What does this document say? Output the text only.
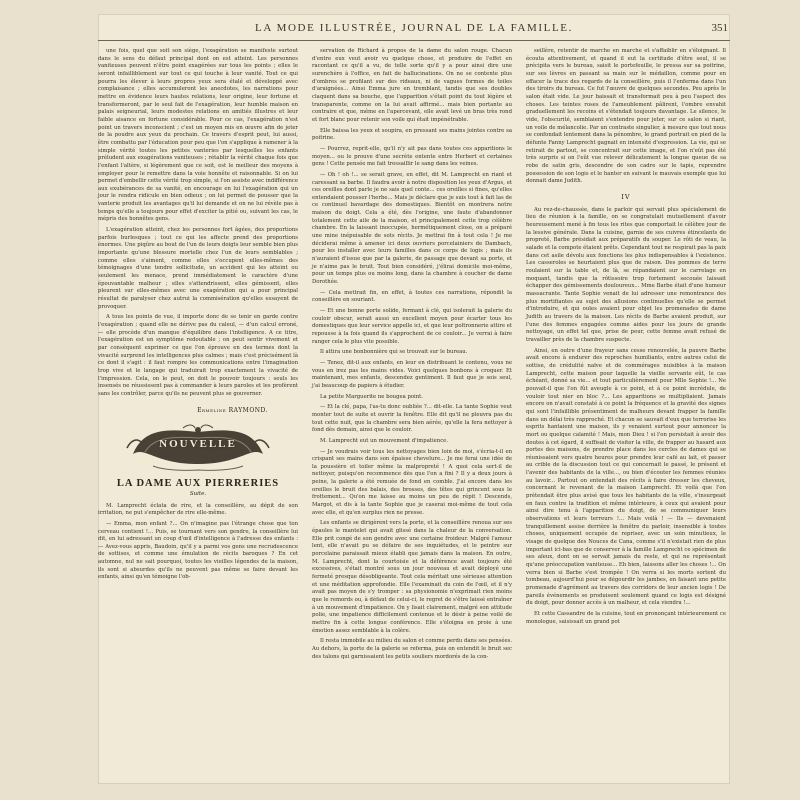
LA MODE ILLUSTRÉE, JOURNAL DE LA FAMILLE.	351

une fois, quel que soit son siège, l'exagération se manifeste surtout dans le sens du défaut principal dont on est atteint. Les personnes vaniteuses peuvent n'être point exagérées sur tous les points ; elles le seront infailliblement sur tout ce qui touche à leur vanité. Tout ce qui pourra les élever à leurs propres yeux sera étalé et développé avec complaisance ; elles accumuleront les anecdotes, les narrations pour mettre en évidence leurs hautes relations, leur origine, leur fortune et transformeront, par le seul fait de l'exagération, leur humble maison en palais seigneurial, leurs modestes relations en amitiés illustres et leur faible aisance en fortune considérable. Pour ce cas, l'exagération n'est point un travers inconscient ; c'est un moyen mis en œuvre afin de jeter de la poudre aux yeux du prochain. Ce travers d'esprit peut, lui aussi, être combattu par l'éducation pour peu que l'on s'applique à ramener à la simple vérité toutes les petites vanteries par lesquelles les enfants préludent aux exagérations vaniteuses ; rétablir la vérité chaque fois que l'enfant l'altère, si légèrement que ce soit, est le meilleur des moyens à employer pour le remettre dans la voie honnête et raisonnable. Si on lui permet d'embellir cette vérité trop simple, si l'on assiste avec indifférence aux exubérances de sa vanité, en encourage en lui l'exagération qui un jour le rendra ridicule en bien odieux ; on lui permet de pousser que la vanterie produit les avantages qu'il lui demande et on ne lui révèle pas à temps qu'elle a toujours pour effet d'exciter la pitié ou, suivant les cas, le mépris des honnêtes gens.

L'exagération atteint, chez les personnes fort âgées, des proportions parfois burlesques ; tout ce qui les affecte prend des proportions énormes. Une piqûre au bout de l'un de leurs doigts leur semble bien plus importante qu'une blessure mortelle chez l'un de leurs semblables ; comme elles s'aiment, comme elles s'occupent elles-mêmes des témoignages d'une tendre sollicitude, un accident qui les atteint ou seulement les menace, prend immédiatement le caractère d'une épouvantable malheur ; elles s'attendrissent, elles gémissent, elles pleurent sur elles-mêmes avec une exagération qui a pour principal résultat de paralyser chez autrui la commisération qu'elles essayent de provoquer.

A tous les points de vue, il importe donc de se tenir en garde contre l'exagération ; quand elle ne dérive pas du caleul, — d'un calcul erroné, — elle procède d'un manque d'équilibre dans l'intelligence. A ce titre, l'exagération est un symptôme redoutable ; on peut sentir vivement et par conséquent exprimer ce que l'on éprouve en des termes dont la vivacité surprend les intelligences plus calmes ; mais c'est précisément là ce dont il s'agit : il faut rompre les communications entre l'imagination trop vive et le langage qui traduirait trop exactement la vivacité de l'impression. Cela, on le peut, on doit le pouvoir toujours : seuls les insensés ne réussissent pas à commander à leurs paroles et les profèrent sans les contrôler, parce qu'ils ne peuvent plus se gouverner.

Ermeline RAYMOND.
NOUVELLE
LA DAME AUX PIERRERIES
Suite.

M. Lamprecht éclata de rire, et la conseillère, au dépit de son irritation, ne put s'empêcher de rire elle-même.

— Emma, mon enfant ?... On n'imagine pas l'étrange chose que ton cerveau contient !... Puis, se tournant vers son gendre, la conseillère lui dit, en lui adressant un coup d'œil d'intelligence à l'adresse des enfants : — Avez-vous appris, Baudoin, qu'il y a parmi vos gens une recrudescence de sottises, et comme une émulation de récits baroques ? En cet automne, nul ne sait pourquoi, toutes les vieilles légendes de la maison, ils sont si absurdes qu'ils ne peuvent pas même se faire devant les enfants, ainsi qu'en témoigne l'ob-

servation de Richard à propos de la dame du salon rouge. Chacun d'entre eux veut avoir vu quelque chose, et produire de l'effet en racontant ce qu'il a vu, de telle sorte qu'il y a pour ainsi dire une surenchère à l'office, en fait de hallucinations. On ne se contente plus d'ombres se profilant sur des rideaux, ni de vagues formes de toiles d'araignées... Ainsi Emma jure en tremblant, tandis que ses doubles claquent dans sa bouche, que l'apparition s'était point du tout légère et transparente, comme on la lui avait affirmé... mais bien portante au contraire et que, même en l'apercevant, elle avait levé un bras très rond et fort blanc pour retenir son voile qui était impénétrable.

Elle baissa les yeux et soupira, en pressant ses mains jointes contre sa poitrine.

— Pourrez, reprit-elle, qu'il n'y ait pas dans toutes ces apparitions le moyen... ou le prouve d'une secrète entente entre Herbert et certaines gens ! Cette pensée me fait tressaillir le sang dans les veines.

— Oh ! oh !... se serait grave, en effet, dit M. Lamprecht en riant et caressant sa barbe. Il faudra avoir à notre disposition les yeux d'Argus, et ces oreilles dont parle je ne sais quel conte... ces oreilles si fines, qu'elles entendaient pousser l'herbe... Mais je déclare que je suis tout à fait las de ce continuel bavardage des domestiques. Bientôt on montrera notre maison du doigt. Cela a été, dès l'origine, une faute d'abandonner totalement cette aile de la maison, et principalement cette trop célèbre chambre. En la laissant inoccupée, hermétiquement close, on a préparé une mine inépuisable de sots récits. Je mettrai fin à tout cela ! Je me déciderai même à amener ici deux ouvriers porcelainiers de Dambach, pour les installer avec leurs familles dans ce corps de logis ; mais ils n'auraient d'issue que par la galerie, de passage que devant sa porte, et je n'aime pas le bruit. Tout bien considéré, j'élirai domicile moi-même, pour un temps plus ou moins long, dans la chambre à coucher de dame Dorothée.

— Cela mettrait fin, en effet, à toutes ces narrations, répondit la conseillère en souriant.

— Et une bonne porte solide, fermant à clé, qui isolerait la galerie du couloir obscur, serait aussi un excellent moyen pour écarter tous les domestiques que leur service appelle ici, et que leur poltronnerie attire et repousse à la fois quand ils s'approchent de ce couloir... Je verrai à faire ranger cela le plus vite possible.

Il attira une bonbonnière qui se trouvait sur le bureau.

— Tenez, dit-il aux enfants, en leur en distribuant le contenu, vous ne vous en irez pas les mains vides. Voici quelques bonbons à croquer. Et maintenant, mes enfants, descendez gentiment. Il faut que je sois seul, j'ai beaucoup de papiers à étudier.

La petite Marguerite ne bougea point.

— Et la clé, papa, l'as-tu donc oubliée ?... dit-elle. La tante Sophie veut monter tout de suite et ouvrir la fenêtre. Elle dit qu'il ne pleuvra pas du tout cette nuit, que la chambre sera bien aérée, qu'elle la fera nettoyer à fond dès demain, ainsi que le couloir.

M. Lamprecht eut un mouvement d'impatience.

— Je voudrais voir tous les nettoyages bien loin de moi, s'écria-t-il en crispant ses mains dans son épaisse chevelure... Je me ferai une idée de la poussière et toiler même la malpropreté ! A quoi cela sert-il de nettoyer, puisqu'on recommence dès que l'on a fini ? Il y a deux jours à peine, la galerie a été remuée de fond en comble. J'ai encore dans les oreilles le bruit des balais, des brosses, des têtes qui grincent sous le frottement... Qu'on me laisse au moins un peu de répit ! Descends, Margot, et dis à la tante Sophie que je caserai moi-même de tout cela avec elle, et qu'en surplus rien ne presse.

Les enfants se dirigèrent vers la porte, et la conseillère renoua sur ses épaules le mantelet qui avait glissé dans la chaleur de la conversation. Elle prit congé de son gendre avec une certaine froideur. Malgré l'amour lent, elle n'avait pu se défaire de ses inquiétudes, et le peintre sur porcelaine paraissait mieux établi que jamais dans la maison. En outre, M. Lamprecht, dont la courtoisie et la déférence avait toujours été excessives, s'était montré sous un jour nouveau et avait déployé une fermeté presque désobligeante. Tout cela méritait une sérieuse attention et une méditation approfondie. Elle l'examinait du coin de l'œil, et il n'y avait pas moyen de s'y tromper : sa physionomie n'exprimait rien moins que le remords ou, à défaut de celui-ci, le regret de s'être laissé entraîner à un mouvement d'impatience. On y lisait clairement, malgré son attitude polie, une impatience difficilement contenue et le désir à peine voilé de mettre fin à cette longue conférence. Elle s'éloigna en proie à une émotion assez semblable à la colère.

Il resta immobile au milieu du salon et comme perdu dans ses pensées. Au dehors, la porte de la galerie se referma, puis on entendit le bruit sec des talons qui garnissaient les petits souliers mordorés de la con-

seillère, retentir de marche en marche et s'affaiblir en s'éloignant. Il écouta attentivement, et quand il eut la certitude d'être seul, il se précipita vers le bureau, saisit le portefeuille, le pressa sur sa poitrine, sur ses lèvres en passant sa main sur le médaillon, comme pour en effacer la trace des regards de la conseillère, puis il l'enferma dans l'un des tiroirs du bureau. Ce fut l'œuvre de quelques secondes. Peu après le salon était vide. Le jour baissait et transformait peu à peu l'aspect des choses. Les teintes roses de l'ameublement pâlirent, l'ombre envahit graduellement les recoins et s'étendait toujours davantage. Le silence, le vide, l'obscurité, semblaient s'entendre pour jeter, sur ce salon si riant, un voile de mélancolie. Par un contraste singulier, à mesure que tout nous se confondait lentement dans la pénombre, le grand portrait en pied de la défunte Fanny Lamprecht gagnait en intensité d'expression. La vie, qui se retirait de partout, se concentrait sur cette image, et l'on n'eût pas été très surpris si on l'eût vue relever délicatement la longue queue de sa robe de satin gris, descendre de son cadre sur le tapis, reprendre possession de son logis et le hanter en suivant le mauvais exemple que lui donnait dame Judith.

IV

Au rez-de-chaussée, dans le parloir qui servait plus spécialement de lieu de réunion à la famille, on se congratulait mutuellement d'avoir heureusement mené à fin tous les rites que comportait le célèbre jour de la lessive générale. Dans la cuisine, garnie de ses cuivres étincelants de propreté, Barbe présidait aux préparatifs du souper. Le rôti de veau, la salade et la compote étaient prêts. Cependant tout ne respirait pas la paix dans cet asile dévolu aux fonctions les plus indispensables à l'existence. Les casseroles se heurtaient plus que de raison. Des pommes de terre roulaient sur la table et, de là, se répandaient sur le carrelage en moquant, tandis que la rôtissoire trop fortement secouée laissait échapper des gémissements douloureux... Mme Barbe était d'une humeur massacrante. Tante Sophie venait de lui adresser une remontrance des plus mortifiantes au sujet des allusions continuelles qu'elle se permet d'introduire, et qui ouïes avaient pour objet les promenades de dame Judith au travers de la maison. Les récits de Barbe avaient produit, sur l'une des femmes engagées comme aides pour les jours de grande nettoyage, un effet tel que, prise de peur, cette femme avait refusé de travailler près de la chambre suspecte.

Ainsi, en outre d'une frayeur sans cesse renouvelée, la pauvre Barbe avait encore à endurer des reproches humiliants, entre autres celui de sottise, de crédulité naïve et de commérages nuisibles à la maison Lamprecht, cette maison pour laquelle la vieille servante eût, le cas échéant, donné sa vie... et tout particulièrement pour Mlle Sophie !... Ne pouvait-il que l'on fût aveugle à ce point, et à ce point incrédule, de vouloir tout nier en bloc ?... Les apparitions se multipliaient. Jamais encore on n'avait constaté à ce point la fréquence et la gravité des signes qui sont l'infaillible présentiment de malheurs devant frapper la famille dans un délai très rapproché. Et chacun se sauvait d'eux que terrorise les esprits hantaient une maison, ils y venaient surtout pour annoncer la mort ou quelque calamité ! Mais, mon Dieu ! si l'on persistait à avoir des doutes à cet égard, il suffisait de visiter la ville, de frapper au hasard aux portes des maisons, de prendre place dans les cercles de dames qui se réunissaient vers quatre heures pour prendre leur café au lait, et passer au crible de la discussion tout ce qui concernait le passé, le présent et l'avenir des habitants de la ville..., ou bien d'écouter les femmes réunies au lavoir... Partout on entendait des récits à faire dresser les cheveux, concernant le revenant de la maison Lamprecht. Et voilà que l'on prétendait être plus avisé que tous les habitants de la ville, s'insurgeait en faux contre la tradition et même intérieure, à ceux qui avaient pour ainsi dire tenu à l'apparition du doigt, de se communiquer leurs observations et leurs terreurs !... Mais voilà ! — Ils — devenaient tranquillement assise derrière la fenêtre du parloir, insensible à toutes choses, uniquement occupée de repriser, avec un soin minutieux, le visage de quelque des Nouces de Cana, comme s'il n'existait rien de plus important ici-bas que de conserver à la famille Lamprecht ce spécimen de ses aïeux, dont on se servait jamais du reste, et qui ne représentait qu'une préoccupation vaniteuse... Eh bien, laissons aller les choses !... On verra bien si Barbe s'est trompée ! On verra si les morts sortent du tombeau, aujourd'hui pour se dégourdir les jambes, en faisant une petite promenade d'agrément au travers des corridors de leur ancien logis ! De pareils événements se produisent seulement quand ce logis est désigné du doigt, pour donner accès à un malheur, et cela viendra !...

Et cette Cassandre de la cuisine, tout en prononçant intérieurement ce monologue, saisissait un grand pot
